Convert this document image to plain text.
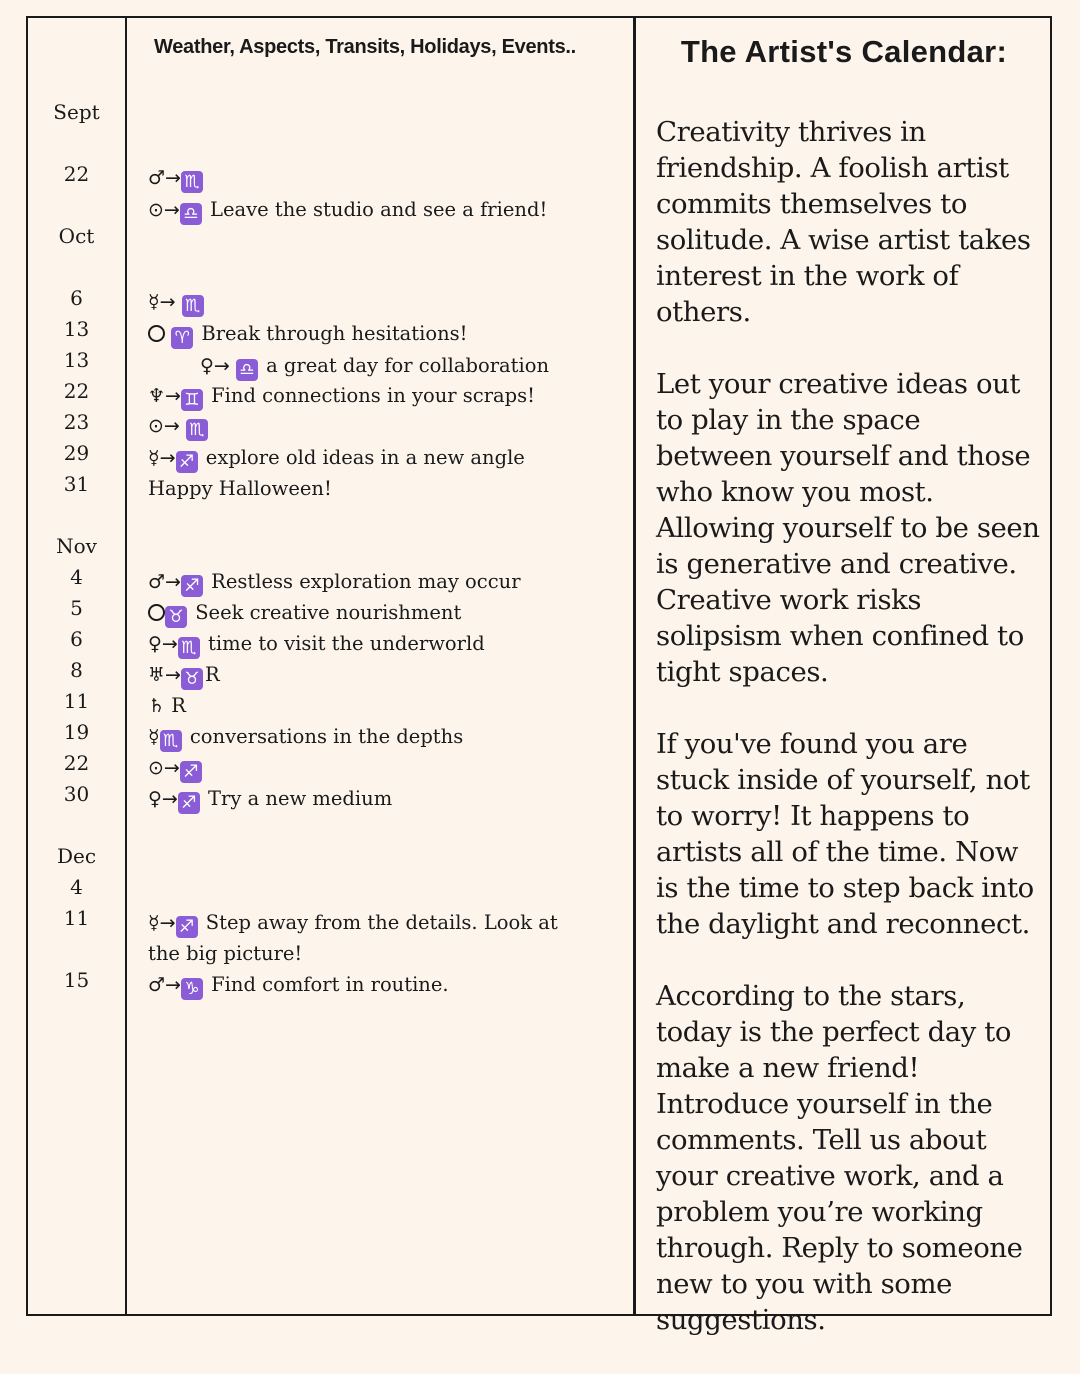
Weather, Aspects, Transits, Holidays, Events..	The Artist's Calendar:
Sept
22
Oct
6
13
13
22
23
29
31
Nov
4
5
6
8
11
19
22
30
Dec
4
11
15
♂→ ♏
⊙→ ♎ Leave the studio and see a friend!
☿→ ♏
♈ Break through hesitations!
♀→ ♎ a great day for collaboration
♆→ ♊ Find connections in your scraps!
⊙→ ♏
☿→ ♐ explore old ideas in a new angle
Happy Halloween!
♂→ ♐ Restless exploration may occur
♉ Seek creative nourishment
♀→ ♏ time to visit the underworld
♅→ ♉ R
♄ R
☿ ♏ conversations in the depths
⊙→ ♐
♀→ ♐ Try a new medium
☿→ ♐ Step away from the details. Look at
the big picture!
♂→ ♑ Find comfort in routine.

Creativity thrives in friendship. A foolish artist commits themselves to solitude. A wise artist takes interest in the work of others.

Let your creative ideas out to play in the space between yourself and those who know you most. Allowing yourself to be seen is generative and creative. Creative work risks solipsism when confined to tight spaces.

If you've found you are stuck inside of yourself, not to worry! It happens to artists all of the time. Now is the time to step back into the daylight and reconnect.

According to the stars, today is the perfect day to make a new friend! Introduce yourself in the comments. Tell us about your creative work, and a problem you’re working through. Reply to someone new to you with some suggestions.
